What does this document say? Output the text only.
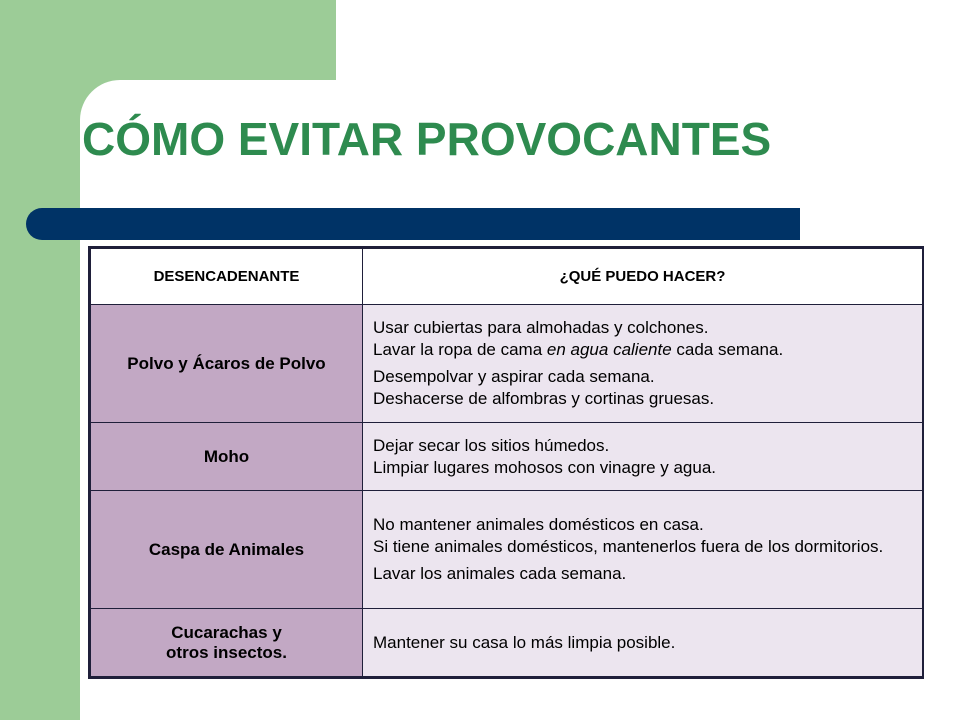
CÓMO EVITAR PROVOCANTES
DESENCADENANTE	¿QUÉ PUEDO HACER?

Polvo y Ácaros de Polvo	Usar cubiertas para almohadas y colchones.
Lavar la ropa de cama en agua caliente cada semana.

Desempolvar y aspirar cada semana.
Deshacerse de alfombras y cortinas gruesas.

Moho	Dejar secar los sitios húmedos.
Limpiar lugares mohosos con vinagre y agua.

Caspa de Animales	No mantener animales domésticos en casa.
Si tiene animales domésticos, mantenerlos fuera de los dormitorios.

Lavar los animales cada semana.

Cucarachas y
otros insectos.	Mantener su casa lo más limpia posible.
